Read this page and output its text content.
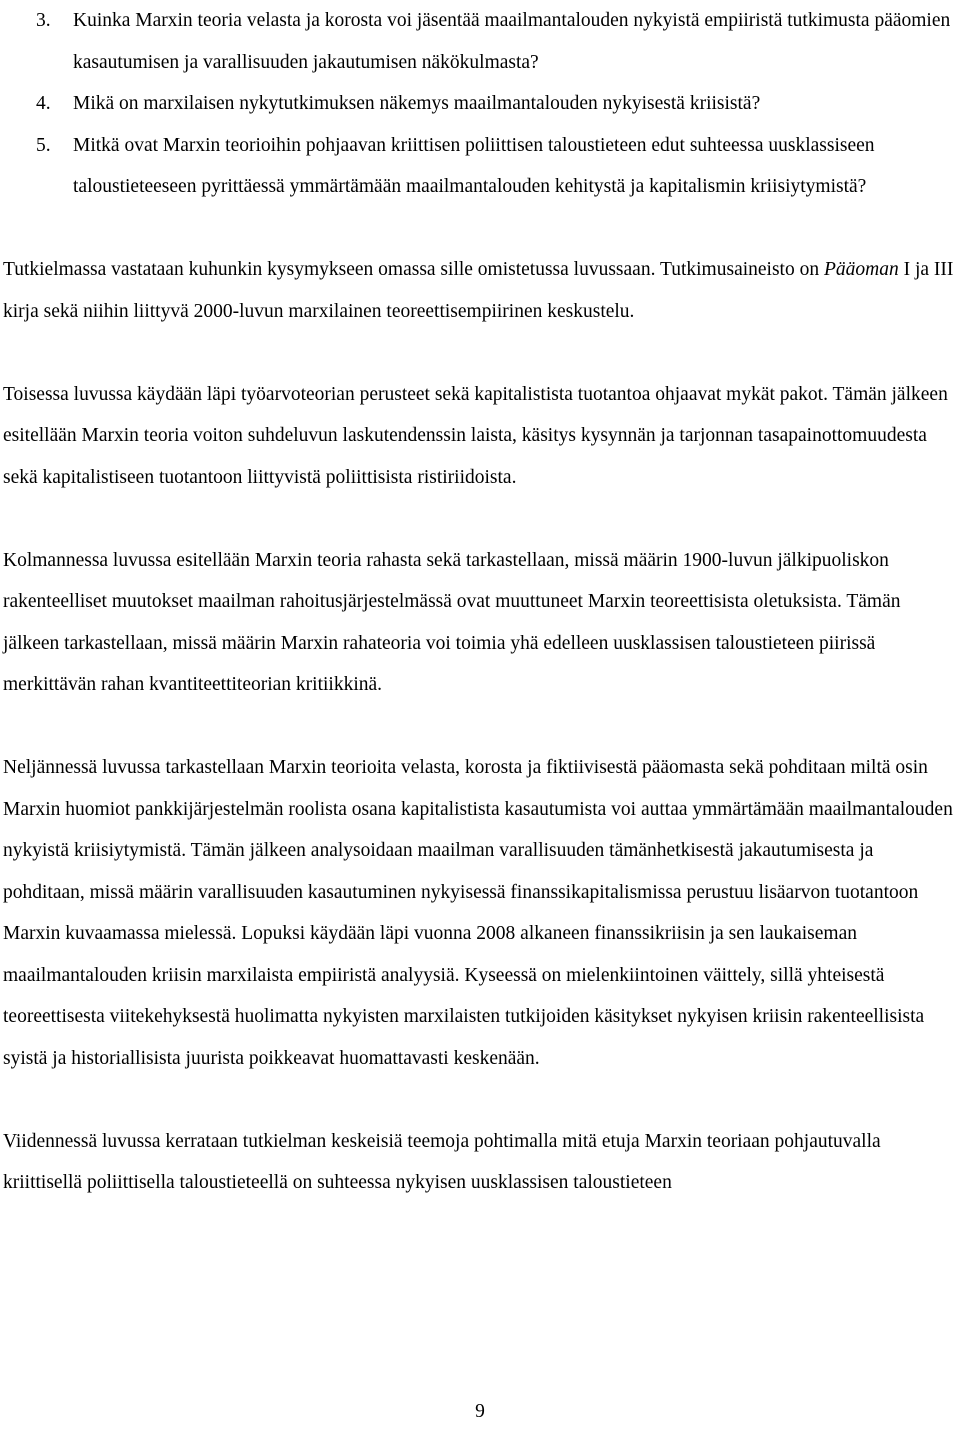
3. Kuinka Marxin teoria velasta ja korosta voi jäsentää maailmantalouden nykyistä empiiristä tutkimusta pääomien kasautumisen ja varallisuuden jakautumisen näkökulmasta?
4. Mikä on marxilaisen nykytutkimuksen näkemys maailmantalouden nykyisestä kriisistä?
5. Mitkä ovat Marxin teorioihin pohjaavan kriittisen poliittisen taloustieteen edut suhteessa uusklassiseen taloustieteeseen pyrittäessä ymmärtämään maailmantalouden kehitystä ja kapitalismin kriisiytymistä?

Tutkielmassa vastataan kuhunkin kysymykseen omassa sille omistetussa luvussaan. Tutkimusaineisto on Pääoman I ja III kirja sekä niihin liittyvä 2000-luvun marxilainen teoreettisempiirinen keskustelu.

Toisessa luvussa käydään läpi työarvoteorian perusteet sekä kapitalistista tuotantoa ohjaavat mykät pakot. Tämän jälkeen esitellään Marxin teoria voiton suhdeluvun laskutendenssin laista, käsitys kysynnän ja tarjonnan tasapainottomuudesta sekä kapitalistiseen tuotantoon liittyvistä poliittisista ristiriidoista.

Kolmannessa luvussa esitellään Marxin teoria rahasta sekä tarkastellaan, missä määrin 1900-luvun jälkipuoliskon rakenteelliset muutokset maailman rahoitusjärjestelmässä ovat muuttuneet Marxin teoreettisista oletuksista. Tämän jälkeen tarkastellaan, missä määrin Marxin rahateoria voi toimia yhä edelleen uusklassisen taloustieteen piirissä merkittävän rahan kvantiteettiteorian kritiikkinä.

Neljännessä luvussa tarkastellaan Marxin teorioita velasta, korosta ja fiktiivisestä pääomasta sekä pohditaan miltä osin Marxin huomiot pankkijärjestelmän roolista osana kapitalistista kasautumista voi auttaa ymmärtämään maailmantalouden nykyistä kriisiytymistä. Tämän jälkeen analysoidaan maailman varallisuuden tämänhetkisestä jakautumisesta ja pohditaan, missä määrin varallisuuden kasautuminen nykyisessä finanssikapitalismissa perustuu lisäarvon tuotantoon Marxin kuvaamassa mielessä. Lopuksi käydään läpi vuonna 2008 alkaneen finanssikriisin ja sen laukaiseman maailmantalouden kriisin marxilaista empiiristä analyysiä. Kyseessä on mielenkiintoinen väittely, sillä yhteisestä teoreettisesta viitekehyksestä huolimatta nykyisten marxilaisten tutkijoiden käsitykset nykyisen kriisin rakenteellisista syistä ja historiallisista juurista poikkeavat huomattavasti keskenään.

Viidennessä luvussa kerrataan tutkielman keskeisiä teemoja pohtimalla mitä etuja Marxin teoriaan pohjautuvalla kriittisellä poliittisella taloustieteellä on suhteessa nykyisen uusklassisen taloustieteen

9
